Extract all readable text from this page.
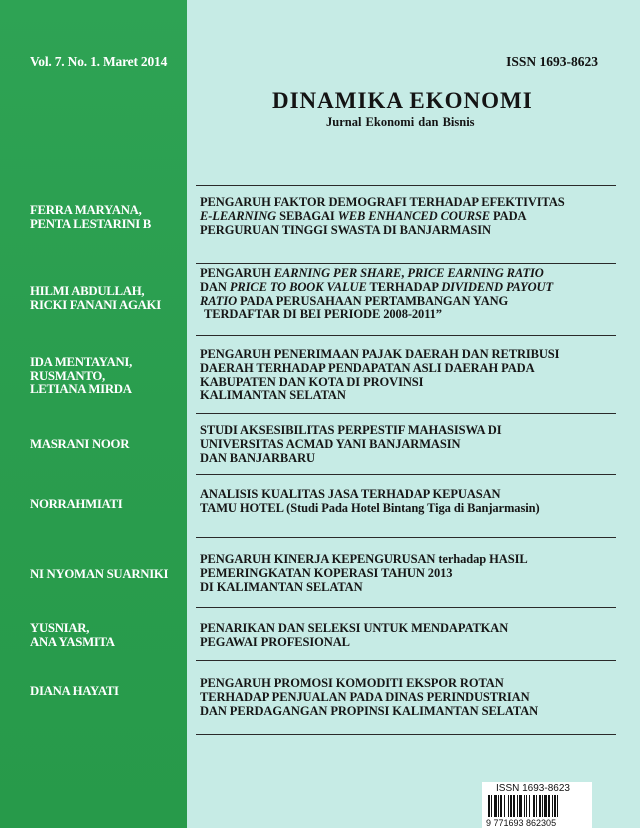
Vol. 7. No. 1. Maret 2014
FERRA MARYANA,
PENTA LESTARINI B
HILMI ABDULLAH,
RICKI FANANI AGAKI
IDA MENTAYANI,
RUSMANTO,
LETIANA MIRDA
MASRANI NOOR
NORRAHMIATI
NI NYOMAN SUARNIKI
YUSNIAR,
ANA YASMITA
DIANA HAYATI
ISSN 1693-8623
DINAMIKA EKONOMI
Jurnal Ekonomi dan Bisnis
PENGARUH FAKTOR DEMOGRAFI TERHADAP EFEKTIVITAS
E-LEARNING SEBAGAI WEB ENHANCED COURSE PADA
PERGURUAN TINGGI SWASTA DI BANJARMASIN
PENGARUH EARNING PER SHARE, PRICE EARNING RATIO
DAN PRICE TO BOOK VALUE TERHADAP DIVIDEND PAYOUT
RATIO PADA PERUSAHAAN PERTAMBANGAN YANG
TERDAFTAR DI BEI PERIODE 2008-2011”
PENGARUH PENERIMAAN PAJAK DAERAH DAN RETRIBUSI
DAERAH TERHADAP PENDAPATAN ASLI DAERAH PADA
KABUPATEN DAN KOTA DI PROVINSI
KALIMANTAN SELATAN
STUDI AKSESIBILITAS PERPESTIF MAHASISWA DI
UNIVERSITAS ACMAD YANI BANJARMASIN
DAN BANJARBARU
ANALISIS KUALITAS JASA TERHADAP KEPUASAN
TAMU HOTEL (Studi Pada Hotel Bintang Tiga di Banjarmasin)
PENGARUH KINERJA KEPENGURUSAN terhadap HASIL
PEMERINGKATAN KOPERASI TAHUN 2013
DI KALIMANTAN SELATAN
PENARIKAN DAN SELEKSI UNTUK MENDAPATKAN
PEGAWAI PROFESIONAL
PENGARUH PROMOSI KOMODITI EKSPOR ROTAN
TERHADAP PENJUALAN PADA DINAS PERINDUSTRIAN
DAN PERDAGANGAN PROPINSI KALIMANTAN SELATAN
ISSN 1693-8623
9 771693 862305
